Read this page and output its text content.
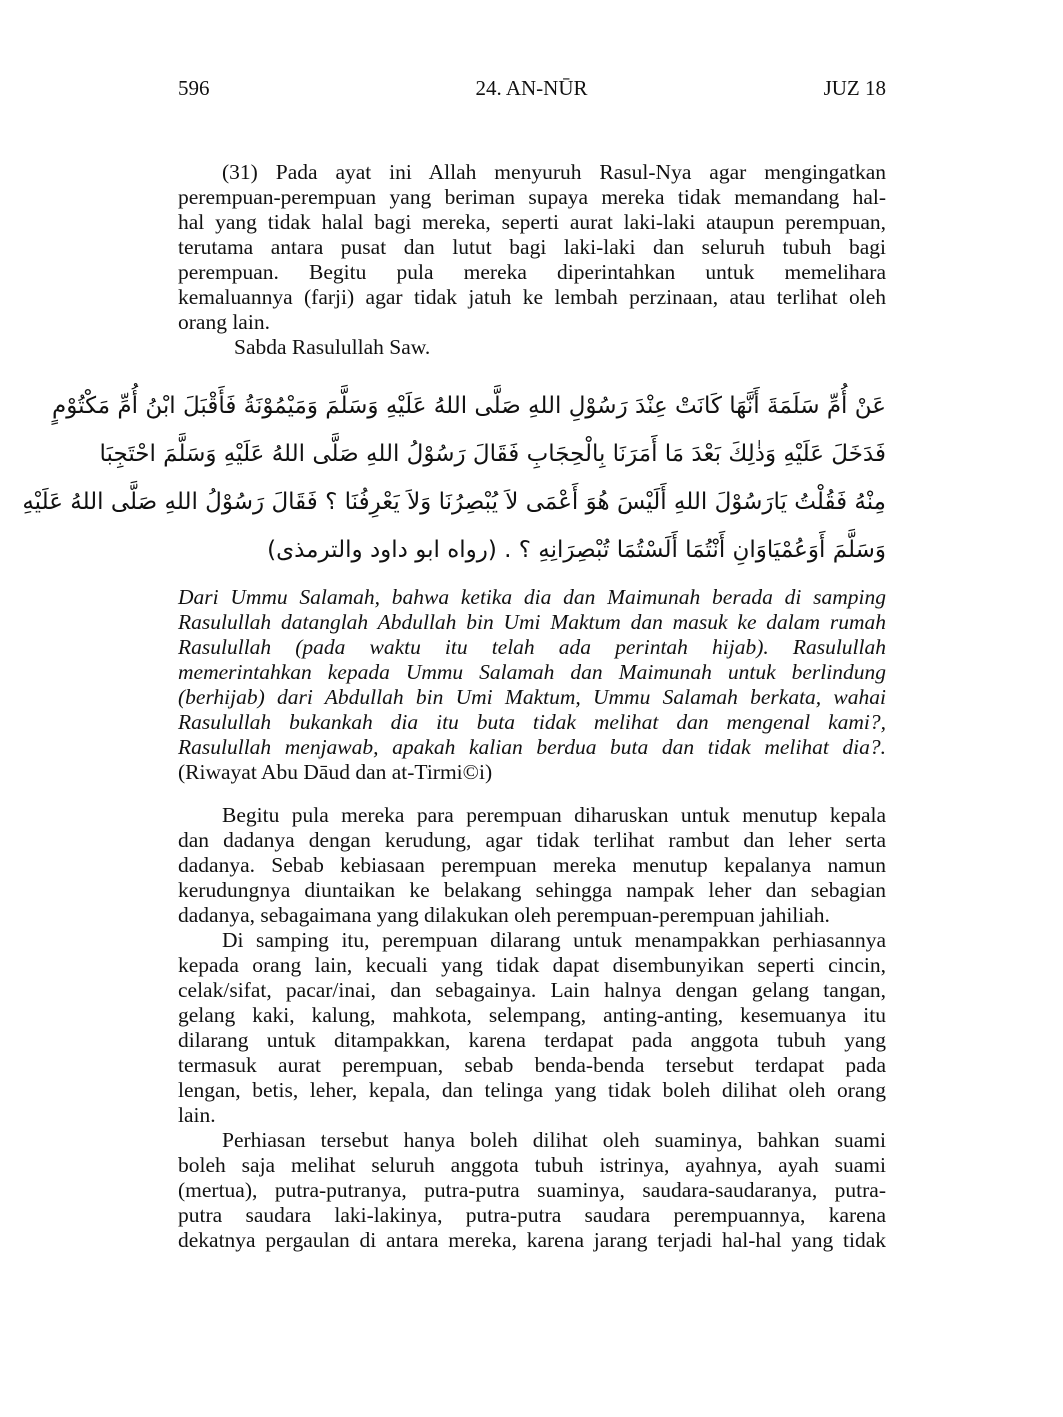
24. AN-NŪR
596	JUZ 18
(31) Pada ayat ini Allah menyuruh Rasul-Nya agar mengingatkan
perempuan-perempuan yang beriman supaya mereka tidak memandang hal-
hal yang tidak halal bagi mereka, seperti aurat laki-laki ataupun perempuan,
terutama antara pusat dan lutut bagi laki-laki dan seluruh tubuh bagi
perempuan. Begitu pula mereka diperintahkan untuk memelihara
kemaluannya (farji) agar tidak jatuh ke lembah perzinaan, atau terlihat oleh
orang lain.
Sabda Rasulullah Saw.
عَنْ أُمِّ سَلَمَةَ أَنَّهَا كَانَتْ عِنْدَ رَسُوْلِ اللهِ صَلَّى اللهُ عَلَيْهِ وَسَلَّمَ وَمَيْمُوْنَةُ فَأَقْبَلَ ابْنُ أُمِّ مَكْتُوْمٍ
فَدَخَلَ عَلَيْهِ وَذٰلِكَ بَعْدَ مَا أَمَرَنَا بِالْحِجَابِ فَقَالَ رَسُوْلُ اللهِ صَلَّى اللهُ عَلَيْهِ وَسَلَّمَ احْتَجِبَا
مِنْهُ فَقُلْتُ يَارَسُوْلَ اللهِ أَلَيْسَ هُوَ أَعْمَى لاَ يُبْصِرُنَا وَلاَ يَعْرِفُنَا ؟ فَقَالَ رَسُوْلُ اللهِ صَلَّى اللهُ عَلَيْهِ
وَسَلَّمَ أَوَعُمْيَاوَانِ أَنْتُمَا أَلَسْتُمَا تُبْصِرَانِهِ ؟ . (رواه ابو داود والترمذى)
Dari Ummu Salamah, bahwa ketika dia dan Maimunah berada di samping
Rasulullah datanglah Abdullah bin Umi Maktum dan masuk ke dalam rumah
Rasulullah (pada waktu itu telah ada perintah hijab). Rasulullah
memerintahkan kepada Ummu Salamah dan Maimunah untuk berlindung
(berhijab) dari Abdullah bin Umi Maktum, Ummu Salamah berkata, wahai
Rasulullah bukankah dia itu buta tidak melihat dan mengenal kami?,
Rasulullah menjawab, apakah kalian berdua buta dan tidak melihat dia?.
(Riwayat Abu Dāud dan at-Tirmi©i)
Begitu pula mereka para perempuan diharuskan untuk menutup kepala
dan dadanya dengan kerudung, agar tidak terlihat rambut dan leher serta
dadanya. Sebab kebiasaan perempuan mereka menutup kepalanya namun
kerudungnya diuntaikan ke belakang sehingga nampak leher dan sebagian
dadanya, sebagaimana yang dilakukan oleh perempuan-perempuan jahiliah.
Di samping itu, perempuan dilarang untuk menampakkan perhiasannya
kepada orang lain, kecuali yang tidak dapat disembunyikan seperti cincin,
celak/sifat, pacar/inai, dan sebagainya. Lain halnya dengan gelang tangan,
gelang kaki, kalung, mahkota, selempang, anting-anting, kesemuanya itu
dilarang untuk ditampakkan, karena terdapat pada anggota tubuh yang
termasuk aurat perempuan, sebab benda-benda tersebut terdapat pada
lengan, betis, leher, kepala, dan telinga yang tidak boleh dilihat oleh orang
lain.
Perhiasan tersebut hanya boleh dilihat oleh suaminya, bahkan suami
boleh saja melihat seluruh anggota tubuh istrinya, ayahnya, ayah suami
(mertua), putra-putranya, putra-putra suaminya, saudara-saudaranya, putra-
putra saudara laki-lakinya, putra-putra saudara perempuannya, karena
dekatnya pergaulan di antara mereka, karena jarang terjadi hal-hal yang tidak
